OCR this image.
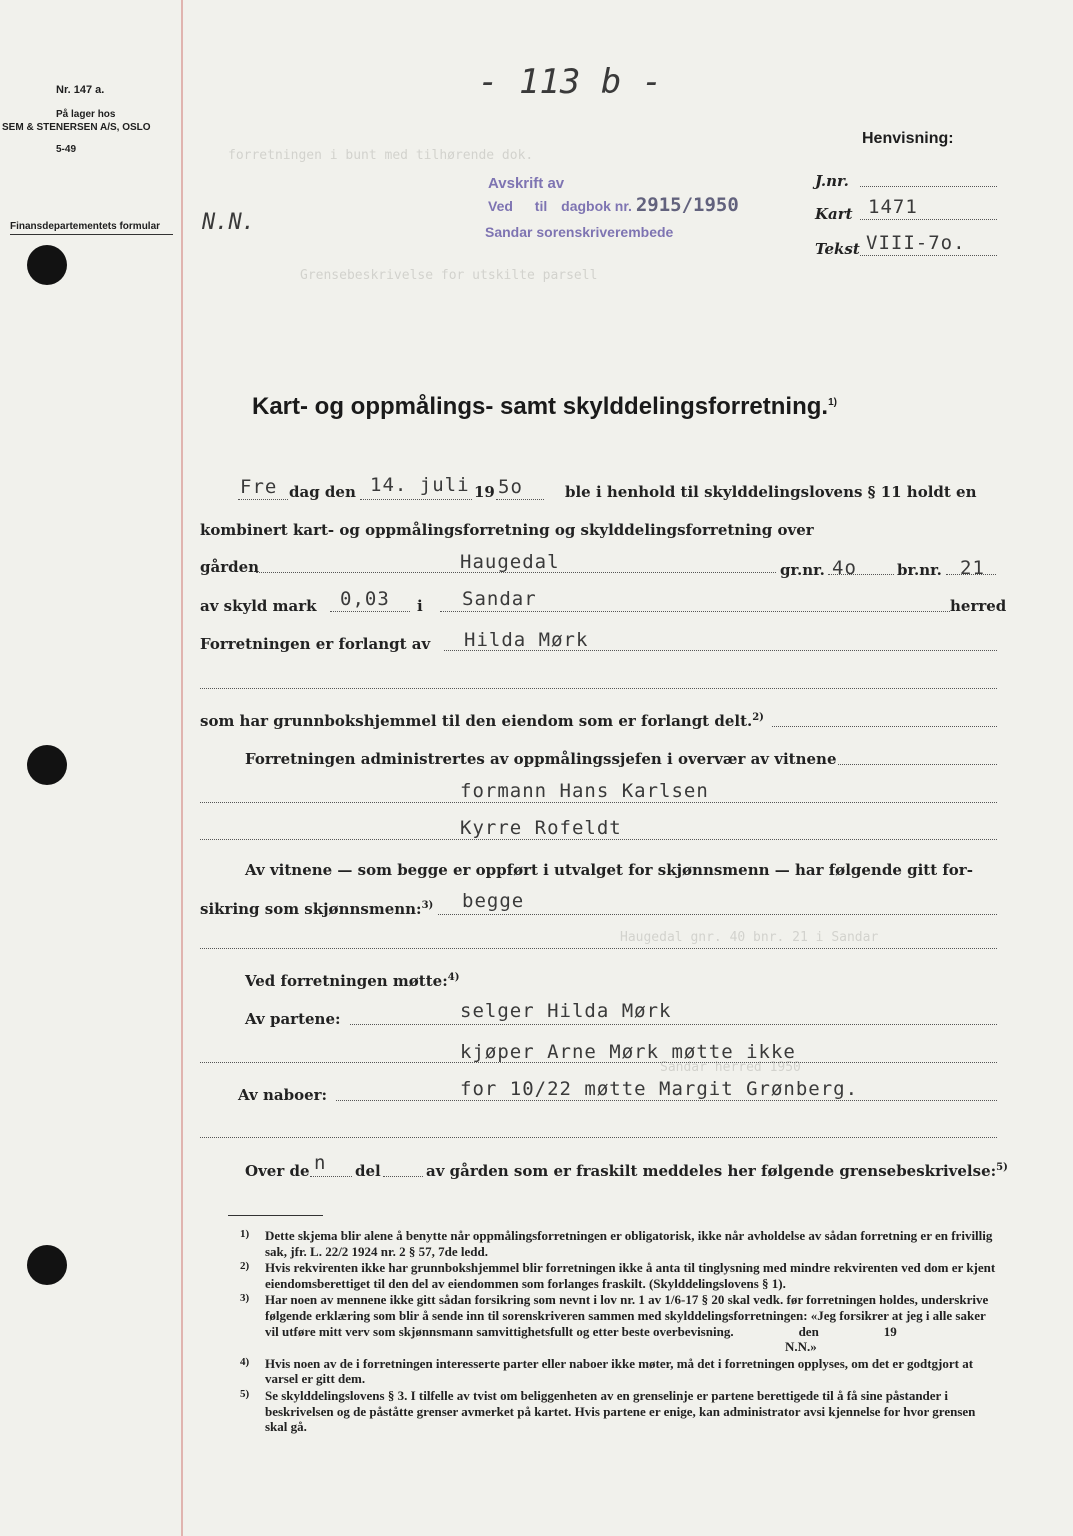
forretningen i bunt med tilhørende dok.
Grensebeskrivelse for utskilte parsell
Haugedal gnr. 40 bnr. 21 i Sandar
Sandar herred 1950
Nr. 147 a.
På lager hos
SEM & STENERSEN A/S, OSLO
5-49
Finansdepartementets formular
- 113 b -
N.N.
Avskrift av
Ved til dagbok nr. 2915/1950
Sandar sorenskriverembede
Henvisning:
J.nr.
Kart 1471
Tekst VIII-7o.
Kart- og oppmålings- samt skylddelingsforretning.$^{1)}$
Fre dag den 14. juli 19 5o	ble i henhold til skylddelingslovens § 11 holdt en
kombinert kart- og oppmålingsforretning og skylddelingsforretning over
gården	Haugedal	gr.nr. 4o	br.nr. 21
av skyld mark 0,03 i Sandar	herred
Forretningen er forlangt av Hilda Mørk
som har grunnbokshjemmel til den eiendom som er forlangt delt.$^{2)}$
Forretningen administrertes av oppmålingssjefen i overvær av vitnene
formann Hans Karlsen
Kyrre Rofeldt
Av vitnene — som begge er oppført i utvalget for skjønnsmenn — har følgende gitt for-
sikring som skjønnsmenn:$^{3)}$ begge
Ved forretningen møtte:$^{4)}$
Av partene:	selger Hilda Mørk
kjøper Arne Mørk møtte ikke
Av naboer:	for 10/22 møtte Margit Grønberg.
Over de n del	av gården som er fraskilt meddeles her følgende grensebeskrivelse:$^{5)}$
1) Dette skjema blir alene å benytte når oppmålingsforretningen er obligatorisk, ikke når avholdelse av sådan forretning er en frivillig sak, jfr. L. 22/2 1924 nr. 2 § 57, 7de ledd.
2) Hvis rekvirenten ikke har grunnbokshjemmel blir forretningen ikke å anta til tinglysning med mindre rekvirenten ved dom er kjent eiendomsberettiget til den del av eiendommen som forlanges fraskilt. (Skylddelingslovens § 1).
3) Har noen av mennene ikke gitt sådan forsikring som nevnt i lov nr. 1 av 1/6-17 § 20 skal vedk. før forretningen holdes, underskrive følgende erklæring som blir å sende inn til sorenskriveren sammen med skylddelingsforretningen: «Jeg forsikrer at jeg i alle saker vil utføre mitt verv som skjønnsmann samvittighetsfullt og etter beste overbevisning.                    den                    19
N.N.»
4) Hvis noen av de i forretningen interesserte parter eller naboer ikke møter, må det i forretningen opplyses, om det er godtgjort at varsel er gitt dem.
5) Se skylddelingslovens § 3. I tilfelle av tvist om beliggenheten av en grenselinje er partene berettigede til å få sine påstander i beskrivelsen og de påståtte grenser avmerket på kartet. Hvis partene er enige, kan administrator avsi kjennelse for hvor grensen skal gå.
